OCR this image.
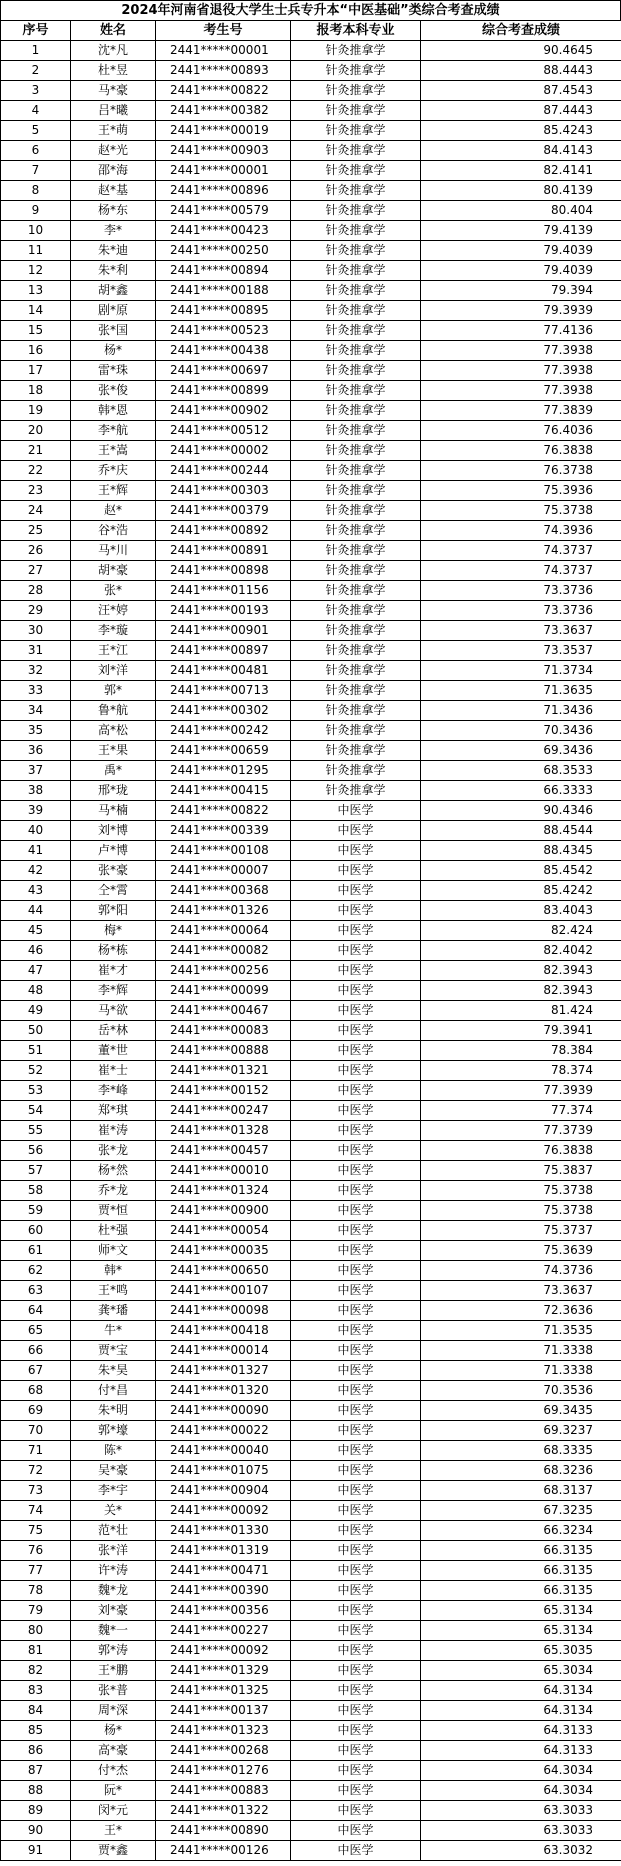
2024年河南省退役大学生士兵专升本“中医基础”类综合考查成绩
序号	姓名	考生号	报考本科专业	综合考查成绩
1	沈*凡	2441*****00001	针灸推拿学	90.4645
2	杜*昱	2441*****00893	针灸推拿学	88.4443
3	马*豪	2441*****00822	针灸推拿学	87.4543
4	吕*曦	2441*****00382	针灸推拿学	87.4443
5	王*萌	2441*****00019	针灸推拿学	85.4243
6	赵*光	2441*****00903	针灸推拿学	84.4143
7	邵*海	2441*****00001	针灸推拿学	82.4141
8	赵*基	2441*****00896	针灸推拿学	80.4139
9	杨*东	2441*****00579	针灸推拿学	80.404
10	李*	2441*****00423	针灸推拿学	79.4139
11	朱*迪	2441*****00250	针灸推拿学	79.4039
12	朱*利	2441*****00894	针灸推拿学	79.4039
13	胡*鑫	2441*****00188	针灸推拿学	79.394
14	剧*原	2441*****00895	针灸推拿学	79.3939
15	张*国	2441*****00523	针灸推拿学	77.4136
16	杨*	2441*****00438	针灸推拿学	77.3938
17	雷*珠	2441*****00697	针灸推拿学	77.3938
18	张*俊	2441*****00899	针灸推拿学	77.3938
19	韩*恩	2441*****00902	针灸推拿学	77.3839
20	李*航	2441*****00512	针灸推拿学	76.4036
21	王*嵩	2441*****00002	针灸推拿学	76.3838
22	乔*庆	2441*****00244	针灸推拿学	76.3738
23	王*辉	2441*****00303	针灸推拿学	75.3936
24	赵*	2441*****00379	针灸推拿学	75.3738
25	谷*浩	2441*****00892	针灸推拿学	74.3936
26	马*川	2441*****00891	针灸推拿学	74.3737
27	胡*豪	2441*****00898	针灸推拿学	74.3737
28	张*	2441*****01156	针灸推拿学	73.3736
29	汪*婷	2441*****00193	针灸推拿学	73.3736
30	李*璇	2441*****00901	针灸推拿学	73.3637
31	王*江	2441*****00897	针灸推拿学	73.3537
32	刘*洋	2441*****00481	针灸推拿学	71.3734
33	郭*	2441*****00713	针灸推拿学	71.3635
34	鲁*航	2441*****00302	针灸推拿学	71.3436
35	高*松	2441*****00242	针灸推拿学	70.3436
36	王*果	2441*****00659	针灸推拿学	69.3436
37	禹*	2441*****01295	针灸推拿学	68.3533
38	邢*珑	2441*****00415	针灸推拿学	66.3333
39	马*楠	2441*****00822	中医学	90.4346
40	刘*博	2441*****00339	中医学	88.4544
41	卢*博	2441*****00108	中医学	88.4345
42	张*豪	2441*****00007	中医学	85.4542
43	仝*霄	2441*****00368	中医学	85.4242
44	郭*阳	2441*****01326	中医学	83.4043
45	梅*	2441*****00064	中医学	82.424
46	杨*栋	2441*****00082	中医学	82.4042
47	崔*才	2441*****00256	中医学	82.3943
48	李*辉	2441*****00099	中医学	82.3943
49	马*欲	2441*****00467	中医学	81.424
50	岳*林	2441*****00083	中医学	79.3941
51	董*世	2441*****00888	中医学	78.384
52	崔*士	2441*****01321	中医学	78.374
53	李*峰	2441*****00152	中医学	77.3939
54	郑*琪	2441*****00247	中医学	77.374
55	崔*涛	2441*****01328	中医学	77.3739
56	张*龙	2441*****00457	中医学	76.3838
57	杨*然	2441*****00010	中医学	75.3837
58	乔*龙	2441*****01324	中医学	75.3738
59	贾*恒	2441*****00900	中医学	75.3738
60	杜*强	2441*****00054	中医学	75.3737
61	师*文	2441*****00035	中医学	75.3639
62	韩*	2441*****00650	中医学	74.3736
63	王*鸣	2441*****00107	中医学	73.3637
64	龚*璠	2441*****00098	中医学	72.3636
65	牛*	2441*****00418	中医学	71.3535
66	贾*宝	2441*****00014	中医学	71.3338
67	朱*昊	2441*****01327	中医学	71.3338
68	付*昌	2441*****01320	中医学	70.3536
69	朱*明	2441*****00090	中医学	69.3435
70	郭*壕	2441*****00022	中医学	69.3237
71	陈*	2441*****00040	中医学	68.3335
72	吴*豪	2441*****01075	中医学	68.3236
73	李*宇	2441*****00904	中医学	68.3137
74	关*	2441*****00092	中医学	67.3235
75	范*壮	2441*****01330	中医学	66.3234
76	张*洋	2441*****01319	中医学	66.3135
77	许*涛	2441*****00471	中医学	66.3135
78	魏*龙	2441*****00390	中医学	66.3135
79	刘*豪	2441*****00356	中医学	65.3134
80	魏*一	2441*****00227	中医学	65.3134
81	郭*涛	2441*****00092	中医学	65.3035
82	王*鹏	2441*****01329	中医学	65.3034
83	张*普	2441*****01325	中医学	64.3134
84	周*深	2441*****00137	中医学	64.3134
85	杨*	2441*****01323	中医学	64.3133
86	高*豪	2441*****00268	中医学	64.3133
87	付*杰	2441*****01276	中医学	64.3034
88	阮*	2441*****00883	中医学	64.3034
89	闵*元	2441*****01322	中医学	63.3033
90	王*	2441*****00890	中医学	63.3033
91	贾*鑫	2441*****00126	中医学	63.3032
